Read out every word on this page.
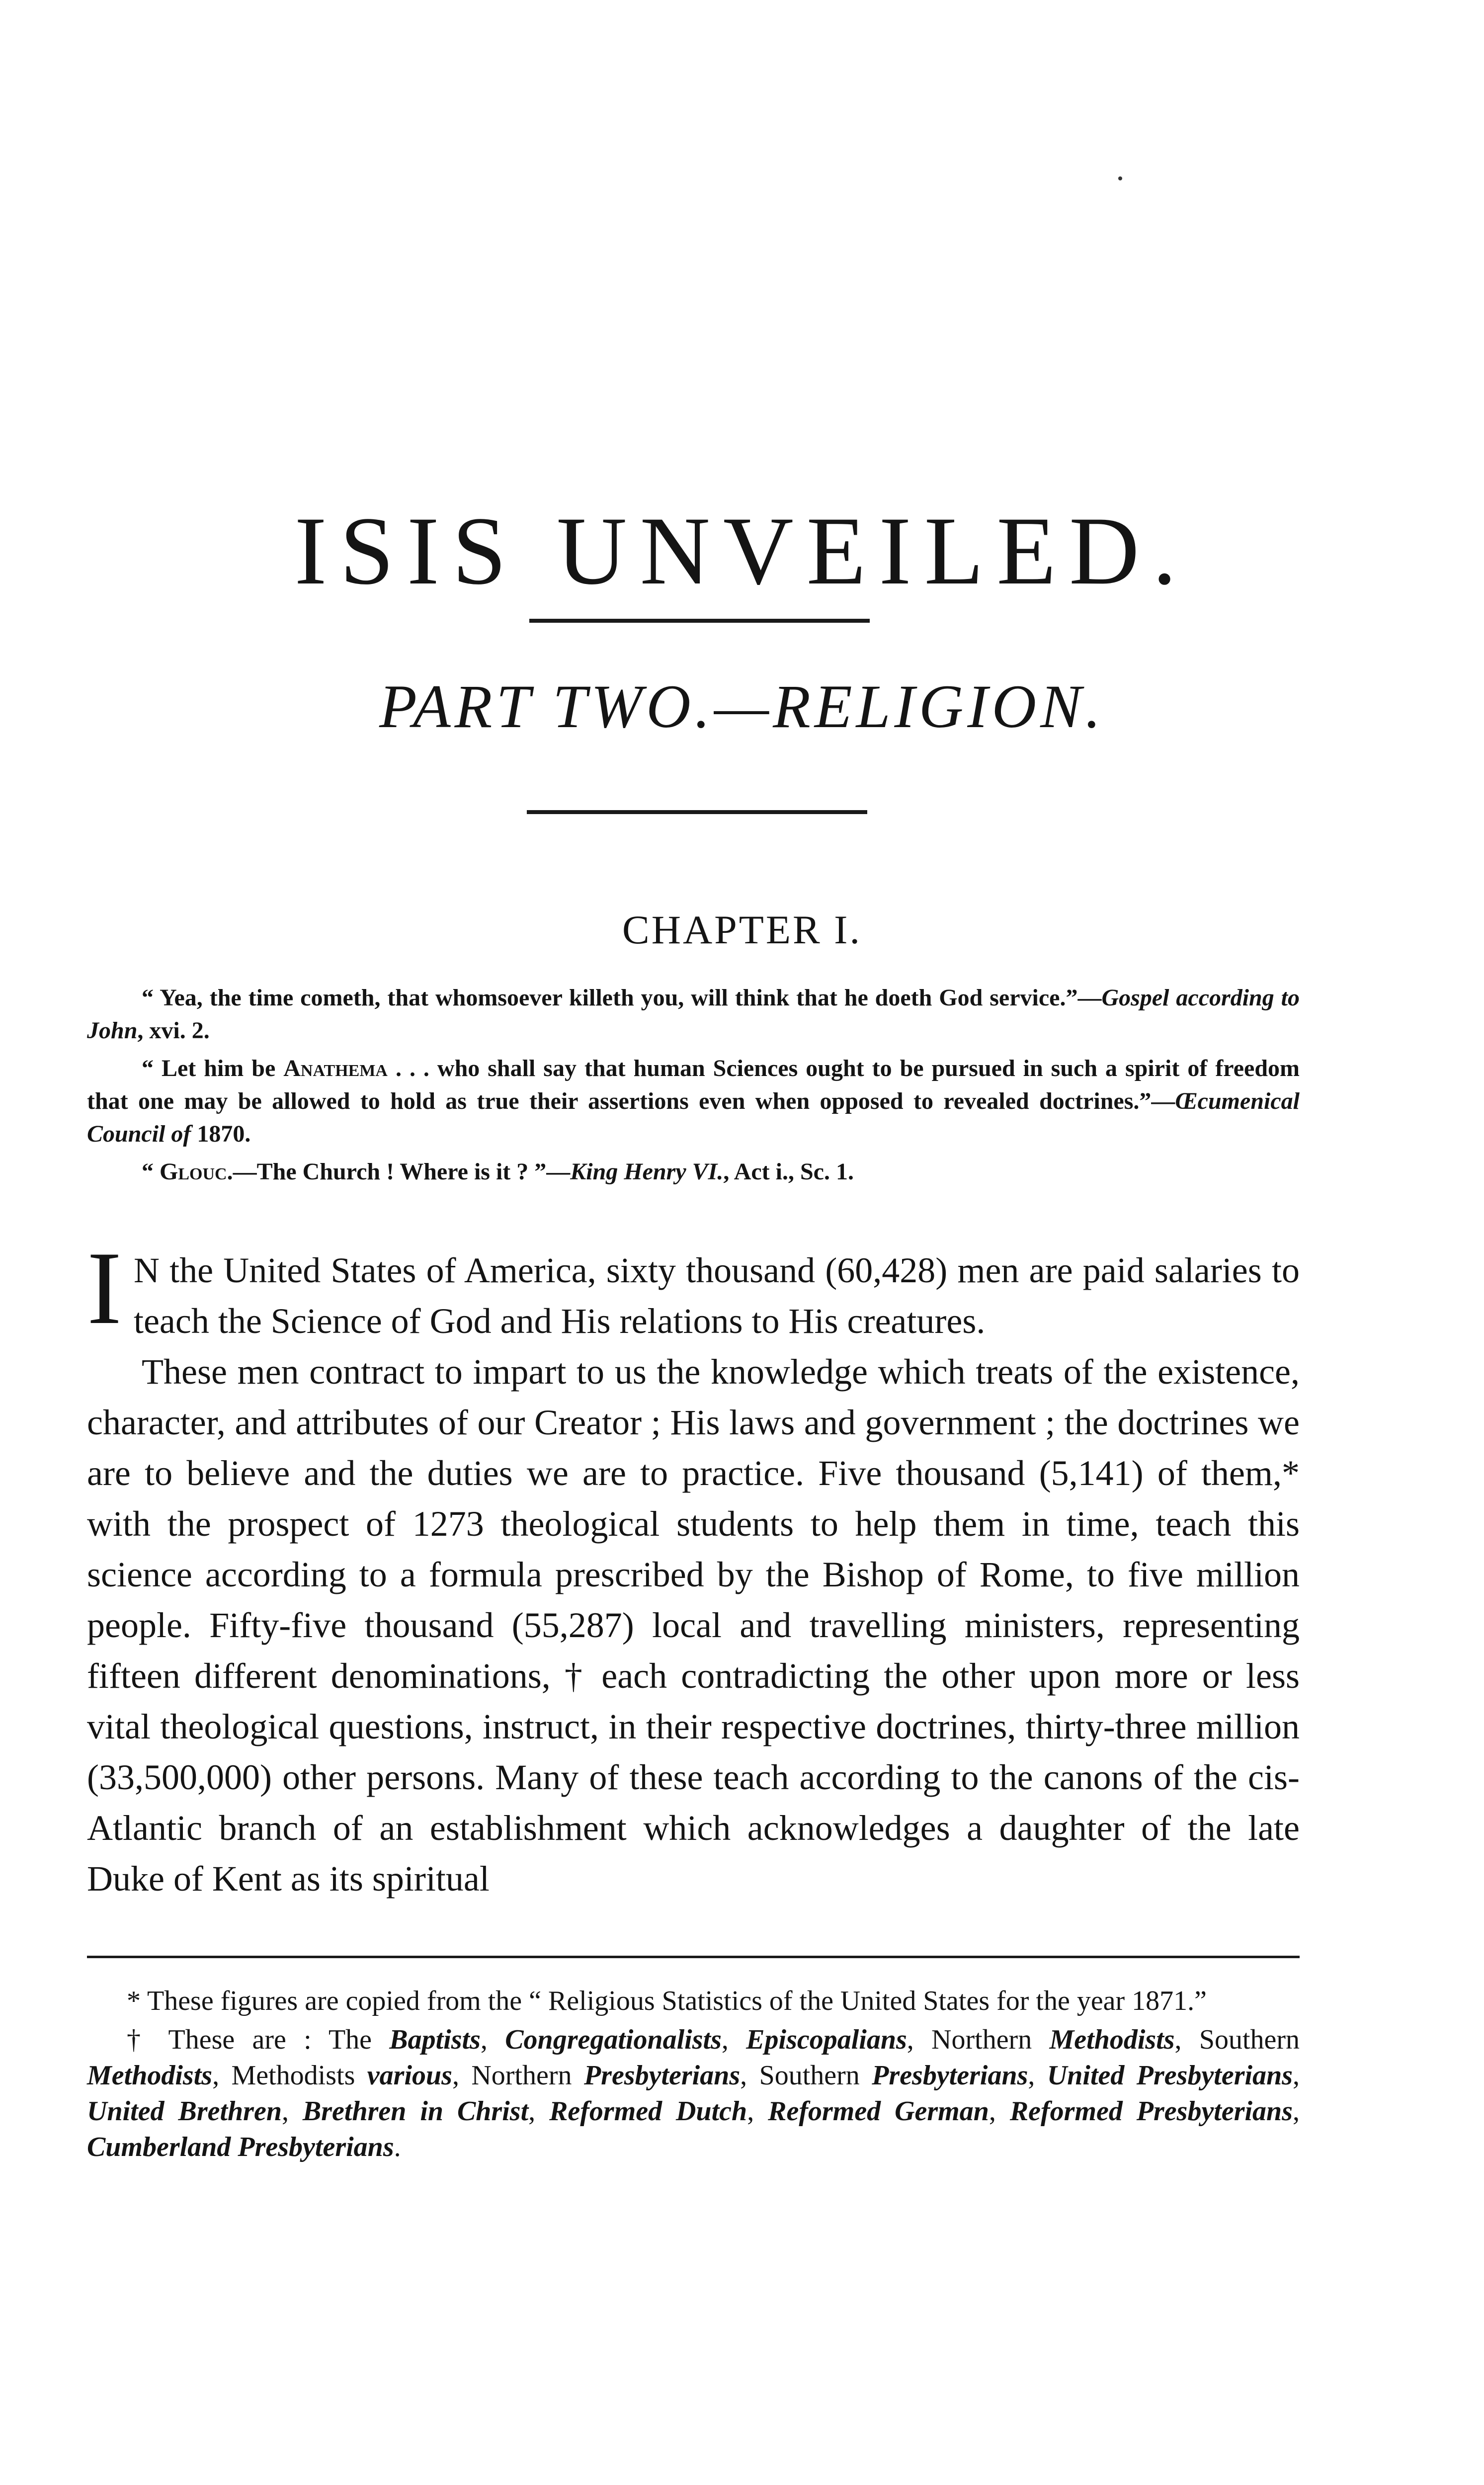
ISIS UNVEILED.
PART TWO.—RELIGION.
CHAPTER I.

“ Yea, the time cometh, that whomsoever killeth you, will think that he doeth God service.”—Gospel according to John, xvi. 2.

“ Let him be Anathema . . . who shall say that human Sciences ought to be pursued in such a spirit of freedom that one may be allowed to hold as true their assertions even when opposed to revealed doctrines.”—Œcumenical Council of 1870.

“ Glouc.—The Church ! Where is it ? ”—King Henry VI., Act i., Sc. 1.

I N the United States of America, sixty thousand (60,428) men are paid salaries to teach the Science of God and His relations to His creatures.

These men contract to impart to us the knowledge which treats of the existence, character, and attributes of our Creator ; His laws and government ; the doctrines we are to believe and the duties we are to practice. Five thousand (5,141) of them,* with the prospect of 1273 theological students to help them in time, teach this science according to a formula prescribed by the Bishop of Rome, to five million people. Fifty-five thousand (55,287) local and travelling ministers, representing fifteen different denominations, † each contradicting the other upon more or less vital theological questions, instruct, in their respective doctrines, thirty-three million (33,500,000) other persons. Many of these teach according to the canons of the cis-Atlantic branch of an establishment which acknowledges a daughter of the late Duke of Kent as its spiritual

* These figures are copied from the “ Religious Statistics of the United States for the year 1871.”

† These are : The Baptists, Congregationalists, Episcopalians, Northern Methodists, Southern Methodists, Methodists various, Northern Presbyterians, Southern Presbyterians, United Presbyterians, United Brethren, Brethren in Christ, Reformed Dutch, Reformed German, Reformed Presbyterians, Cumberland Presbyterians.
